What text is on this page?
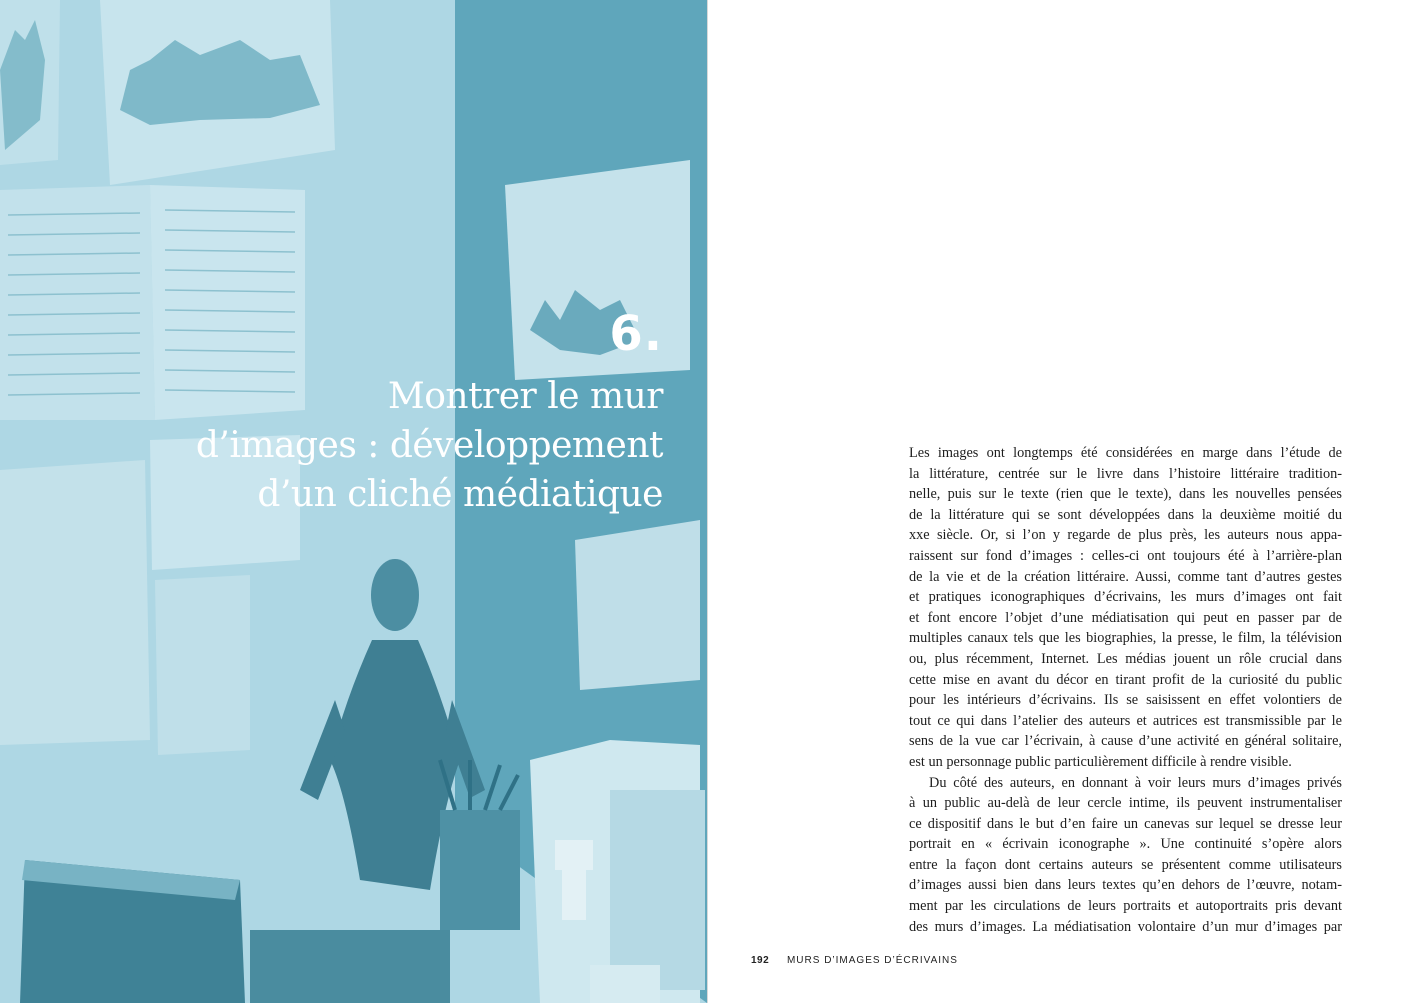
6.
Montrer le mur
d’images : développement
d’un cliché médiatique

Les images ont longtemps été considérées en marge dans l’étude de
la littérature, centrée sur le livre dans l’histoire littéraire tradition-
nelle, puis sur le texte (rien que le texte), dans les nouvelles pensées
de la littérature qui se sont développées dans la deuxième moitié du
xxe siècle. Or, si l’on y regarde de plus près, les auteurs nous appa-
raissent sur fond d’images : celles-ci ont toujours été à l’arrière-plan
de la vie et de la création littéraire. Aussi, comme tant d’autres gestes
et pratiques iconographiques d’écrivains, les murs d’images ont fait
et font encore l’objet d’une médiatisation qui peut en passer par de
multiples canaux tels que les biographies, la presse, le film, la télévision
ou, plus récemment, Internet. Les médias jouent un rôle crucial dans
cette mise en avant du décor en tirant profit de la curiosité du public
pour les intérieurs d’écrivains. Ils se saisissent en effet volontiers de
tout ce qui dans l’atelier des auteurs et autrices est transmissible par le
sens de la vue car l’écrivain, à cause d’une activité en général solitaire,
est un personnage public particulièrement difficile à rendre visible.

Du côté des auteurs, en donnant à voir leurs murs d’images privés
à un public au-delà de leur cercle intime, ils peuvent instrumentaliser
ce dispositif dans le but d’en faire un canevas sur lequel se dresse leur
portrait en « écrivain iconographe ». Une continuité s’opère alors
entre la façon dont certains auteurs se présentent comme utilisateurs
d’images aussi bien dans leurs textes qu’en dehors de l’œuvre, notam-
ment par les circulations de leurs portraits et autoportraits pris devant
des murs d’images. La médiatisation volontaire d’un mur d’images par

192 MURS D’IMAGES D’ÉCRIVAINS
